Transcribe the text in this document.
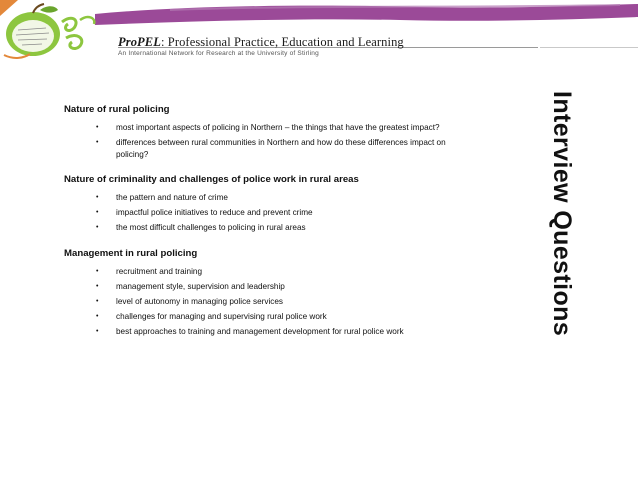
ProPEL: Professional Practice, Education and Learning
An International Network for Research at the University of Stirling
Nature of rural policing
• most important aspects of policing in Northern – the things that have the greatest impact?
• differences between rural communities in Northern and how do these differences impact on policing?
Nature of criminality and challenges of police work in rural areas
• the pattern and nature of crime
• impactful police initiatives to reduce and prevent crime
• the most difficult challenges to policing in rural areas
Management in rural policing
• recruitment and training
• management style, supervision and leadership
• level of autonomy in managing police services
• challenges for managing and supervising rural police work
• best approaches to training and management development for rural police work	Interview Questions
